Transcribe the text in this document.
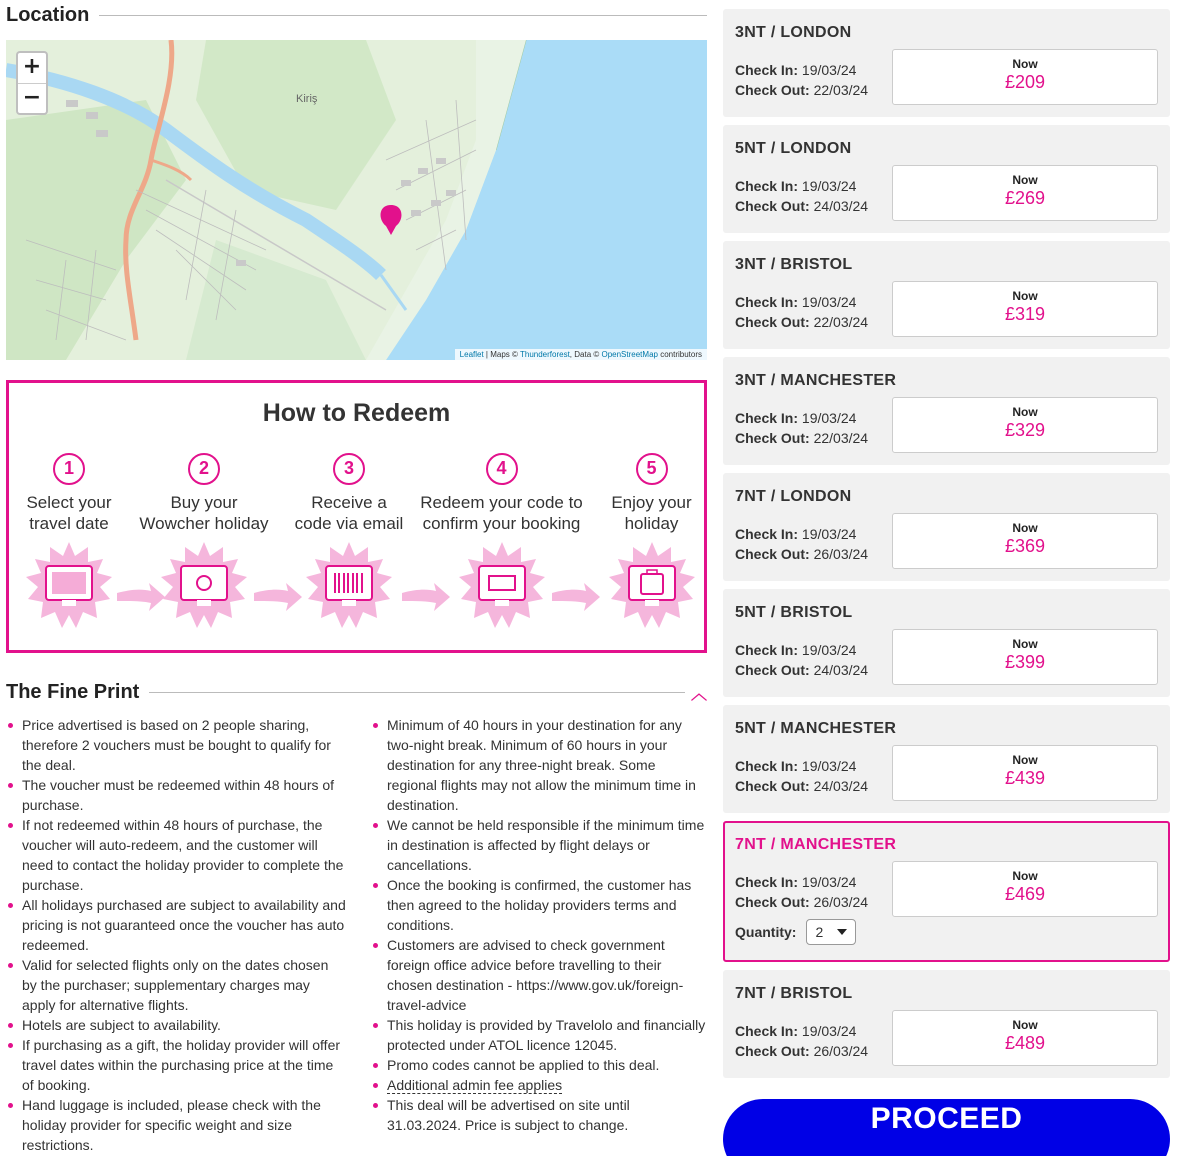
Location
Kiriş
+
−
Leaflet | Maps © Thunderforest, Data © OpenStreetMap contributors
How to Redeem
1
Select your
travel date
2
Buy your
Wowcher holiday
3
Receive a
code via email
4
Redeem your code to
confirm your booking
5
Enjoy your
holiday
The Fine Print	︿
Price advertised is based on 2 people sharing, therefore 2 vouchers must be bought to qualify for the deal.
The voucher must be redeemed within 48 hours of purchase.
If not redeemed within 48 hours of purchase, the voucher will auto-redeem, and the customer will need to contact the holiday provider to complete the purchase.
All holidays purchased are subject to availability and pricing is not guaranteed once the voucher has auto redeemed.
Valid for selected flights only on the dates chosen by the purchaser; supplementary charges may apply for alternative flights.
Hotels are subject to availability.
If purchasing as a gift, the holiday provider will offer travel dates within the purchasing price at the time of booking.
Hand luggage is included, please check with the holiday provider for specific weight and size restrictions.
Minimum of 40 hours in your destination for any two-night break. Minimum of 60 hours in your destination for any three-night break. Some regional flights may not allow the minimum time in destination.
We cannot be held responsible if the minimum time in destination is affected by flight delays or cancellations.
Once the booking is confirmed, the customer has then agreed to the holiday providers terms and conditions.
Customers are advised to check government foreign office advice before travelling to their chosen destination - https://www.gov.uk/foreign-travel-advice
This holiday is provided by Travelolo and financially protected under ATOL licence 12045.
Promo codes cannot be applied to this deal.
Additional admin fee applies
This deal will be advertised on site until 31.03.2024. Price is subject to change.
3NT / LONDON
Check In: 19/03/24
Check Out: 22/03/24
Now
£209
5NT / LONDON
Check In: 19/03/24
Check Out: 24/03/24
Now
£269
3NT / BRISTOL
Check In: 19/03/24
Check Out: 22/03/24
Now
£319
3NT / MANCHESTER
Check In: 19/03/24
Check Out: 22/03/24
Now
£329
7NT / LONDON
Check In: 19/03/24
Check Out: 26/03/24
Now
£369
5NT / BRISTOL
Check In: 19/03/24
Check Out: 24/03/24
Now
£399
5NT / MANCHESTER
Check In: 19/03/24
Check Out: 24/03/24
Now
£439
7NT / MANCHESTER
Check In: 19/03/24
Check Out: 26/03/24
Now
£469
Quantity: 2
7NT / BRISTOL
Check In: 19/03/24
Check Out: 26/03/24
Now
£489
PROCEED
